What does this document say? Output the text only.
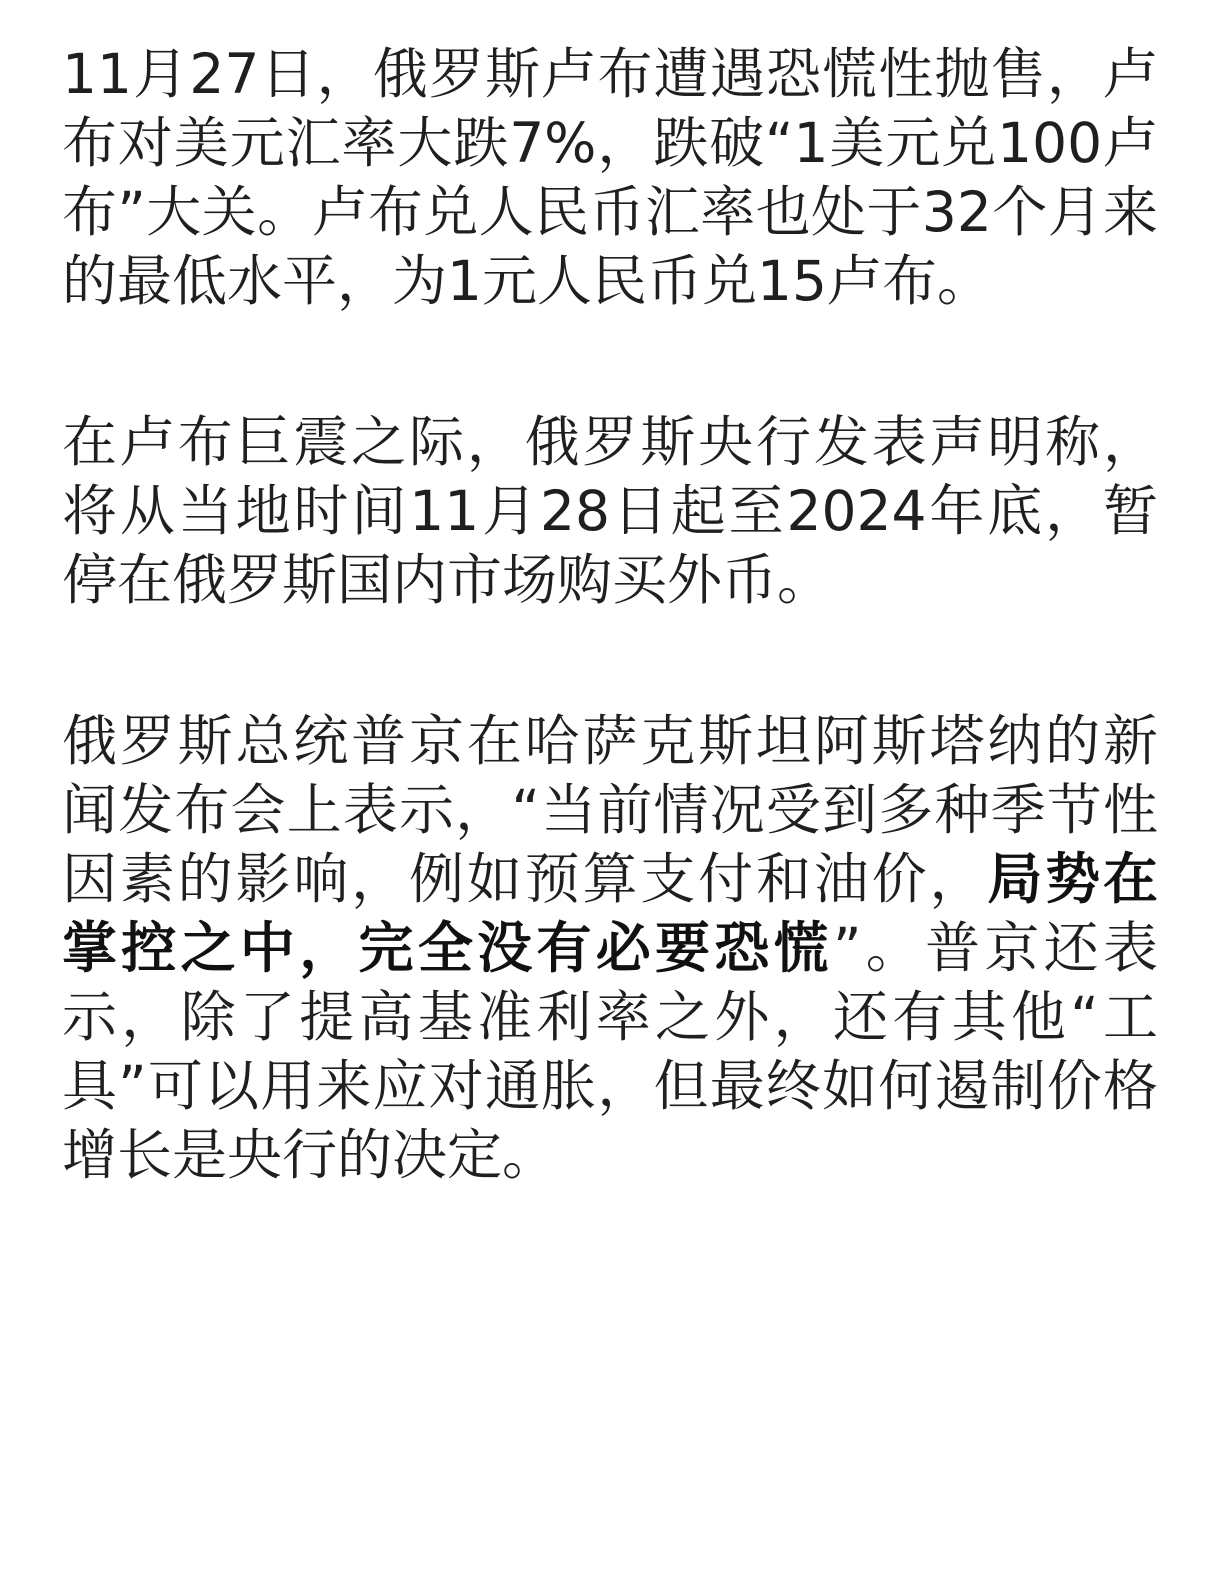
11月27日，俄罗斯卢布遭遇恐慌性抛售，卢布对美元汇率大跌7%，跌破“1美元兑100卢布”大关。卢布兑人民币汇率也处于32个月来的最低水平，为1元人民币兑15卢布。

在卢布巨震之际，俄罗斯央行发表声明称，将从当地时间11月28日起至2024年底，暂停在俄罗斯国内市场购买外币。

俄罗斯总统普京在哈萨克斯坦阿斯塔纳的新闻发布会上表示，“当前情况受到多种季节性因素的影响，例如预算支付和油价，局势在掌控之中，完全没有必要恐慌”。普京还表示，除了提高基准利率之外，还有其他“工具”可以用来应对通胀，但最终如何遏制价格增长是央行的决定。
